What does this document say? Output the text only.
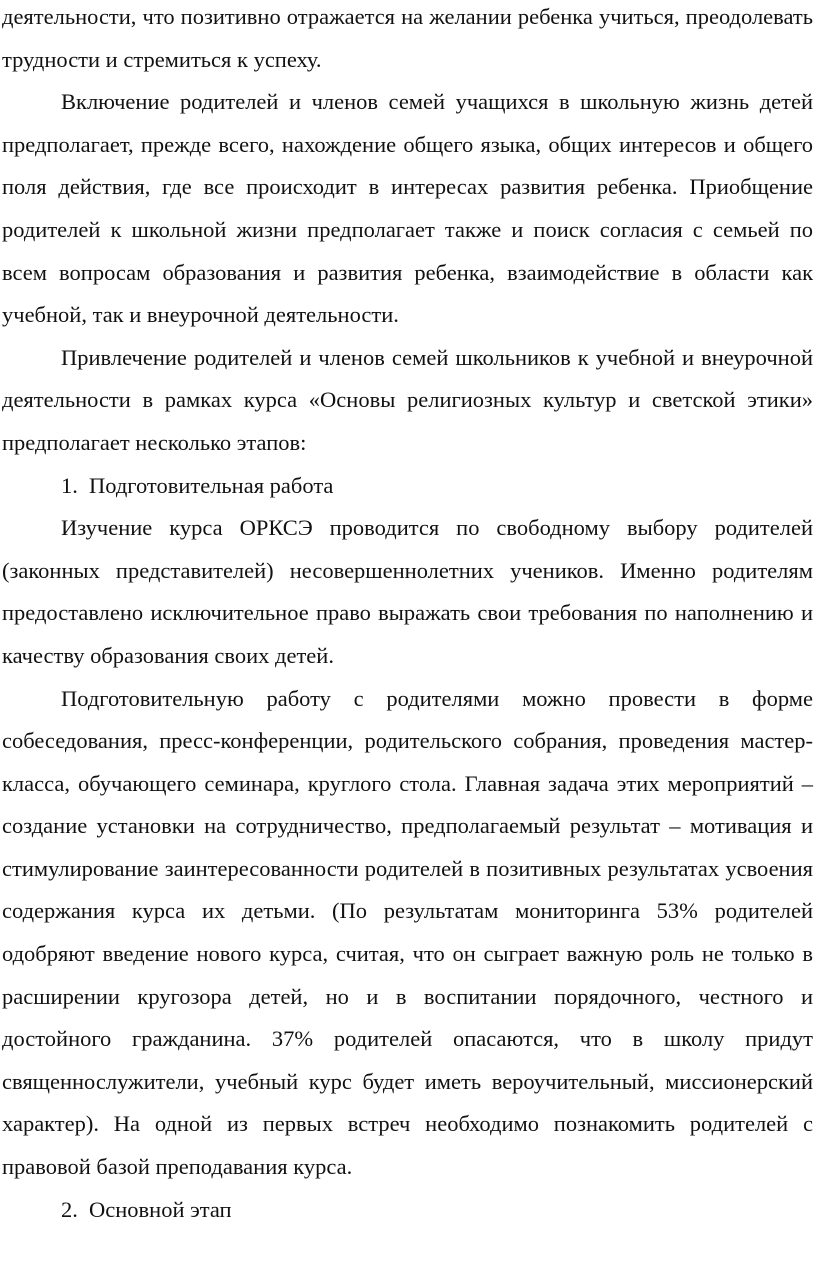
деятельности, что позитивно отражается на желании ребенка учиться, преодолевать трудности и стремиться к успеху.

Включение родителей и членов семей учащихся в школьную жизнь детей предполагает, прежде всего, нахождение общего языка, общих интересов и общего поля действия, где все происходит в интересах развития ребенка. Приобщение родителей к школьной жизни предполагает также и поиск согласия с семьей по всем вопросам образования и развития ребенка, взаимодействие в области как учебной, так и внеурочной деятельности.

Привлечение родителей и членов семей школьников к учебной и внеурочной деятельности в рамках курса «Основы религиозных культур и светской этики» предполагает несколько этапов:

1. Подготовительная работа

Изучение курса ОРКСЭ проводится по свободному выбору родителей (законных представителей) несовершеннолетних учеников. Именно родителям предоставлено исключительное право выражать свои требования по наполнению и качеству образования своих детей.

Подготовительную работу с родителями можно провести в форме собеседования, пресс-конференции, родительского собрания, проведения мастер-класса, обучающего семинара, круглого стола. Главная задача этих мероприятий – создание установки на сотрудничество, предполагаемый результат – мотивация и стимулирование заинтересованности родителей в позитивных результатах усвоения содержания курса их детьми. (По результатам мониторинга 53% родителей одобряют введение нового курса, считая, что он сыграет важную роль не только в расширении кругозора детей, но и в воспитании порядочного, честного и достойного гражданина. 37% родителей опасаются, что в школу придут священнослужители, учебный курс будет иметь вероучительный, миссионерский характер). На одной из первых встреч необходимо познакомить родителей с правовой базой преподавания курса.

2. Основной этап
